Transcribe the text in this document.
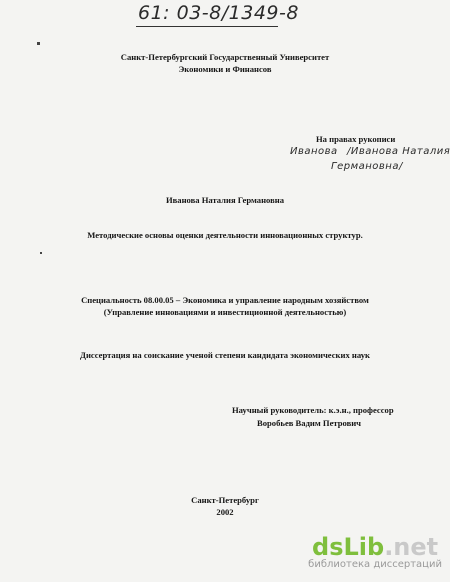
61: 03-8/1349-8
Санкт-Петербургский Государственный Университет
Экономики и Финансов
На правах рукописи
Иванова /Иванова Наталия
Германовна/
Иванова Наталия Германовна
Методические основы оценки деятельности инновационных структур.
Специальность 08.00.05 – Экономика и управление народным хозяйством
(Управление инновациями и инвестиционной деятельностью)
Диссертация на соискание ученой степени кандидата экономических наук
Научный руководитель: к.э.н., профессор
Воробьев Вадим Петрович
Санкт-Петербург
2002
dsLib.net
библиотека диссертаций
